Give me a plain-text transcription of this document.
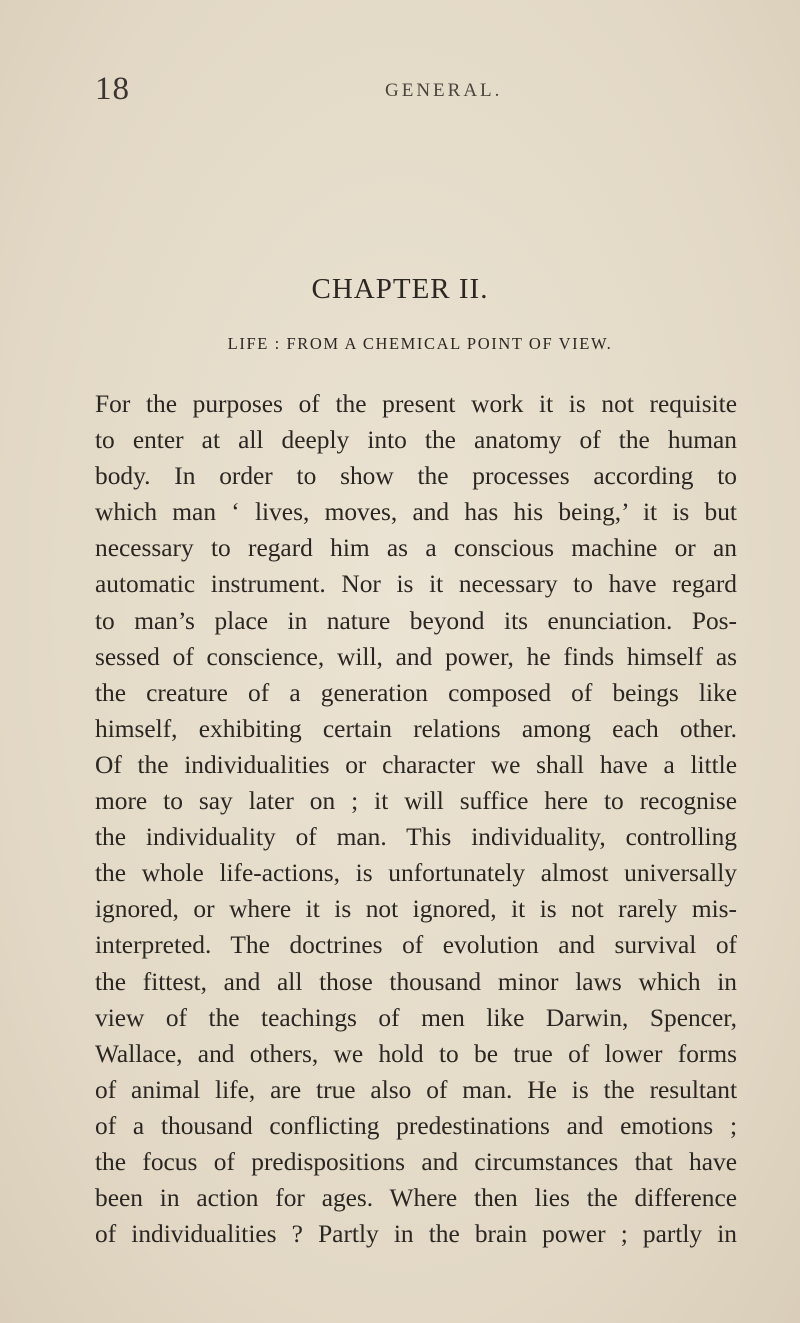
18	GENERAL.
CHAPTER II.
LIFE : FROM A CHEMICAL POINT OF VIEW.
For the purposes of the present work it is not requisite
to enter at all deeply into the anatomy of the human
body. In order to show the processes according to
which man ‘ lives, moves, and has his being,’ it is but
necessary to regard him as a conscious machine or an
automatic instrument. Nor is it necessary to have regard
to man’s place in nature beyond its enunciation. Pos-
sessed of conscience, will, and power, he finds himself as
the creature of a generation composed of beings like
himself, exhibiting certain relations among each other.
Of the individualities or character we shall have a little
more to say later on ; it will suffice here to recognise
the individuality of man. This individuality, controlling
the whole life-actions, is unfortunately almost universally
ignored, or where it is not ignored, it is not rarely mis-
interpreted. The doctrines of evolution and survival of
the fittest, and all those thousand minor laws which in
view of the teachings of men like Darwin, Spencer,
Wallace, and others, we hold to be true of lower forms
of animal life, are true also of man. He is the resultant
of a thousand conflicting predestinations and emotions ;
the focus of predispositions and circumstances that have
been in action for ages. Where then lies the difference
of individualities ? Partly in the brain power ; partly in
